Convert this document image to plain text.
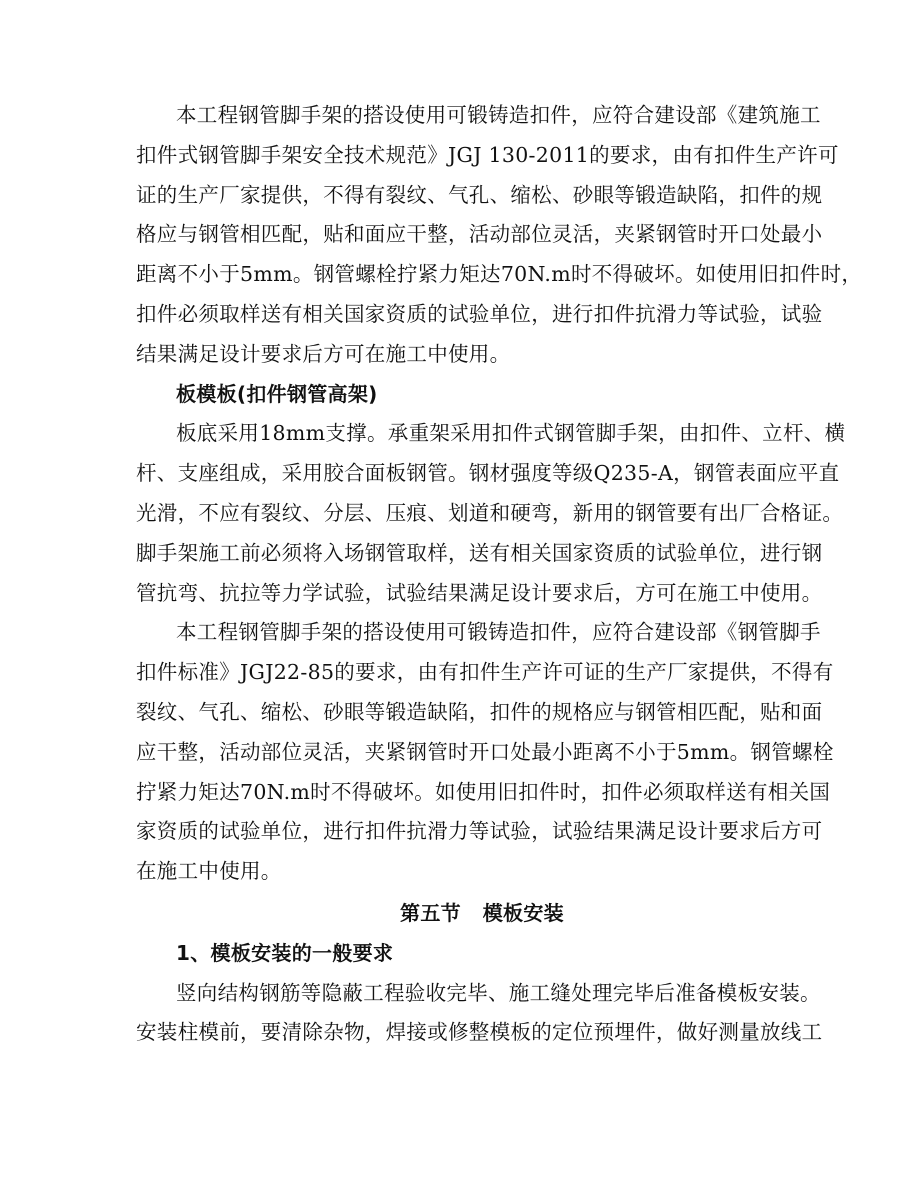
本工程钢管脚手架的搭设使用可锻铸造扣件，应符合建设部《建筑施工
扣件式钢管脚手架安全技术规范》JGJ 130-2011的要求，由有扣件生产许可
证的生产厂家提供，不得有裂纹、气孔、缩松、砂眼等锻造缺陷，扣件的规
格应与钢管相匹配，贴和面应干整，活动部位灵活，夹紧钢管时开口处最小
距离不小于5mm。钢管螺栓拧紧力矩达70N.m时不得破坏。如使用旧扣件时，
扣件必须取样送有相关国家资质的试验单位，进行扣件抗滑力等试验，试验
结果满足设计要求后方可在施工中使用。
板模板(扣件钢管高架)
板底采用18mm支撑。承重架采用扣件式钢管脚手架，由扣件、立杆、横
杆、支座组成，采用胶合面板钢管。钢材强度等级Q235-A，钢管表面应平直
光滑，不应有裂纹、分层、压痕、划道和硬弯，新用的钢管要有出厂合格证。
脚手架施工前必须将入场钢管取样，送有相关国家资质的试验单位，进行钢
管抗弯、抗拉等力学试验，试验结果满足设计要求后，方可在施工中使用。
本工程钢管脚手架的搭设使用可锻铸造扣件，应符合建设部《钢管脚手
扣件标准》JGJ22-85的要求，由有扣件生产许可证的生产厂家提供，不得有
裂纹、气孔、缩松、砂眼等锻造缺陷，扣件的规格应与钢管相匹配，贴和面
应干整，活动部位灵活，夹紧钢管时开口处最小距离不小于5mm。钢管螺栓
拧紧力矩达70N.m时不得破坏。如使用旧扣件时，扣件必须取样送有相关国
家资质的试验单位，进行扣件抗滑力等试验，试验结果满足设计要求后方可
在施工中使用。
第五节   模板安装
1、模板安装的一般要求
竖向结构钢筋等隐蔽工程验收完毕、施工缝处理完毕后准备模板安装。
安装柱模前，要清除杂物，焊接或修整模板的定位预埋件，做好测量放线工
